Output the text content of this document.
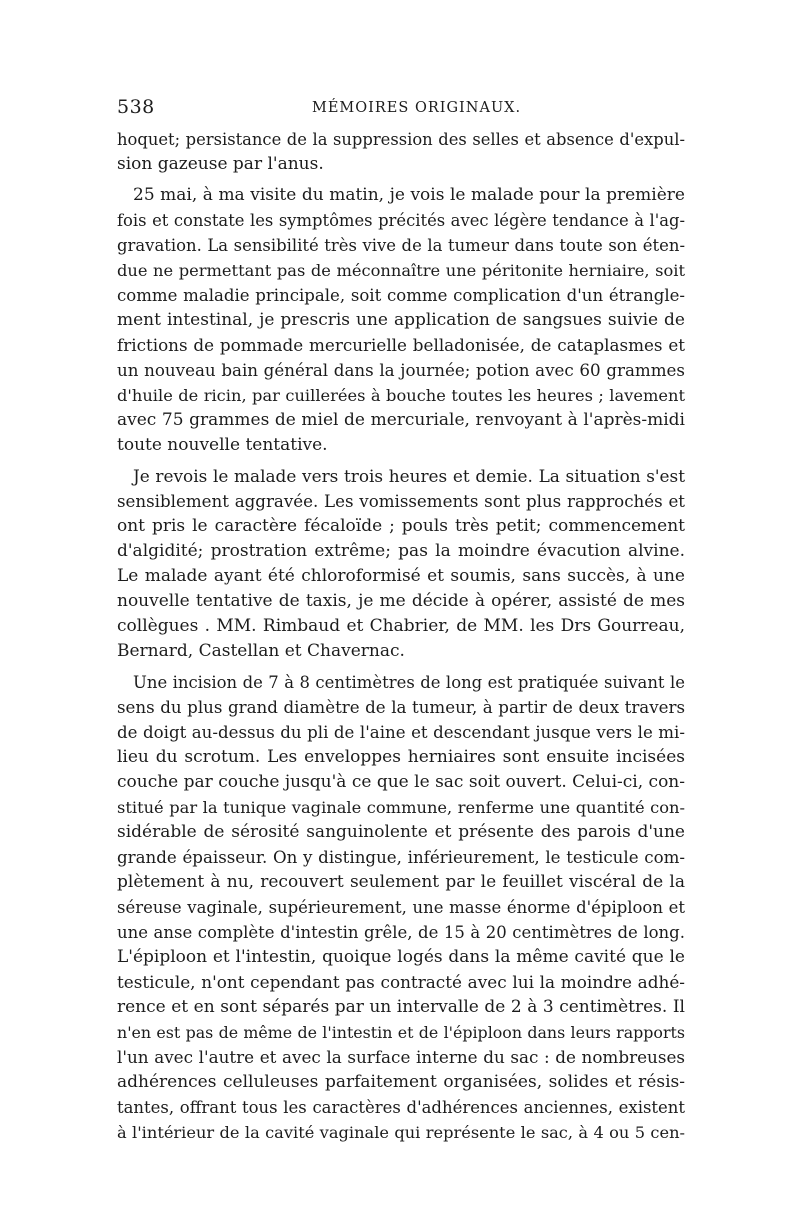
538	MÉMOIRES ORIGINAUX.
hoquet; persistance de la suppression des selles et absence d'expul-
sion gazeuse par l'anus.
25 mai, à ma visite du matin, je vois le malade pour la première
fois et constate les symptômes précités avec légère tendance à l'ag-
gravation. La sensibilité très vive de la tumeur dans toute son éten-
due ne permettant pas de méconnaître une péritonite herniaire, soit
comme maladie principale, soit comme complication d'un étrangle-
ment intestinal, je prescris une application de sangsues suivie de
frictions de pommade mercurielle belladonisée, de cataplasmes et
un nouveau bain général dans la journée; potion avec 60 grammes
d'huile de ricin, par cuillerées à bouche toutes les heures ; lavement
avec 75 grammes de miel de mercuriale, renvoyant à l'après-midi
toute nouvelle tentative.
Je revois le malade vers trois heures et demie. La situation s'est
sensiblement aggravée. Les vomissements sont plus rapprochés et
ont pris le caractère fécaloïde ; pouls très petit; commencement
d'algidité; prostration extrême; pas la moindre évacution alvine.
Le malade ayant été chloroformisé et soumis, sans succès, à une
nouvelle tentative de taxis, je me décide à opérer, assisté de mes
collègues . MM. Rimbaud et Chabrier, de MM. les Drs Gourreau,
Bernard, Castellan et Chavernac.
Une incision de 7 à 8 centimètres de long est pratiquée suivant le
sens du plus grand diamètre de la tumeur, à partir de deux travers
de doigt au-dessus du pli de l'aine et descendant jusque vers le mi-
lieu du scrotum. Les enveloppes herniaires sont ensuite incisées
couche par couche jusqu'à ce que le sac soit ouvert. Celui-ci, con-
stitué par la tunique vaginale commune, renferme une quantité con-
sidérable de sérosité sanguinolente et présente des parois d'une
grande épaisseur. On y distingue, inférieurement, le testicule com-
plètement à nu, recouvert seulement par le feuillet viscéral de la
séreuse vaginale, supérieurement, une masse énorme d'épiploon et
une anse complète d'intestin grêle, de 15 à 20 centimètres de long.
L'épiploon et l'intestin, quoique logés dans la même cavité que le
testicule, n'ont cependant pas contracté avec lui la moindre adhé-
rence et en sont séparés par un intervalle de 2 à 3 centimètres. Il
n'en est pas de même de l'intestin et de l'épiploon dans leurs rapports
l'un avec l'autre et avec la surface interne du sac : de nombreuses
adhérences celluleuses parfaitement organisées, solides et résis-
tantes, offrant tous les caractères d'adhérences anciennes, existent
à l'intérieur de la cavité vaginale qui représente le sac, à 4 ou 5 cen-
